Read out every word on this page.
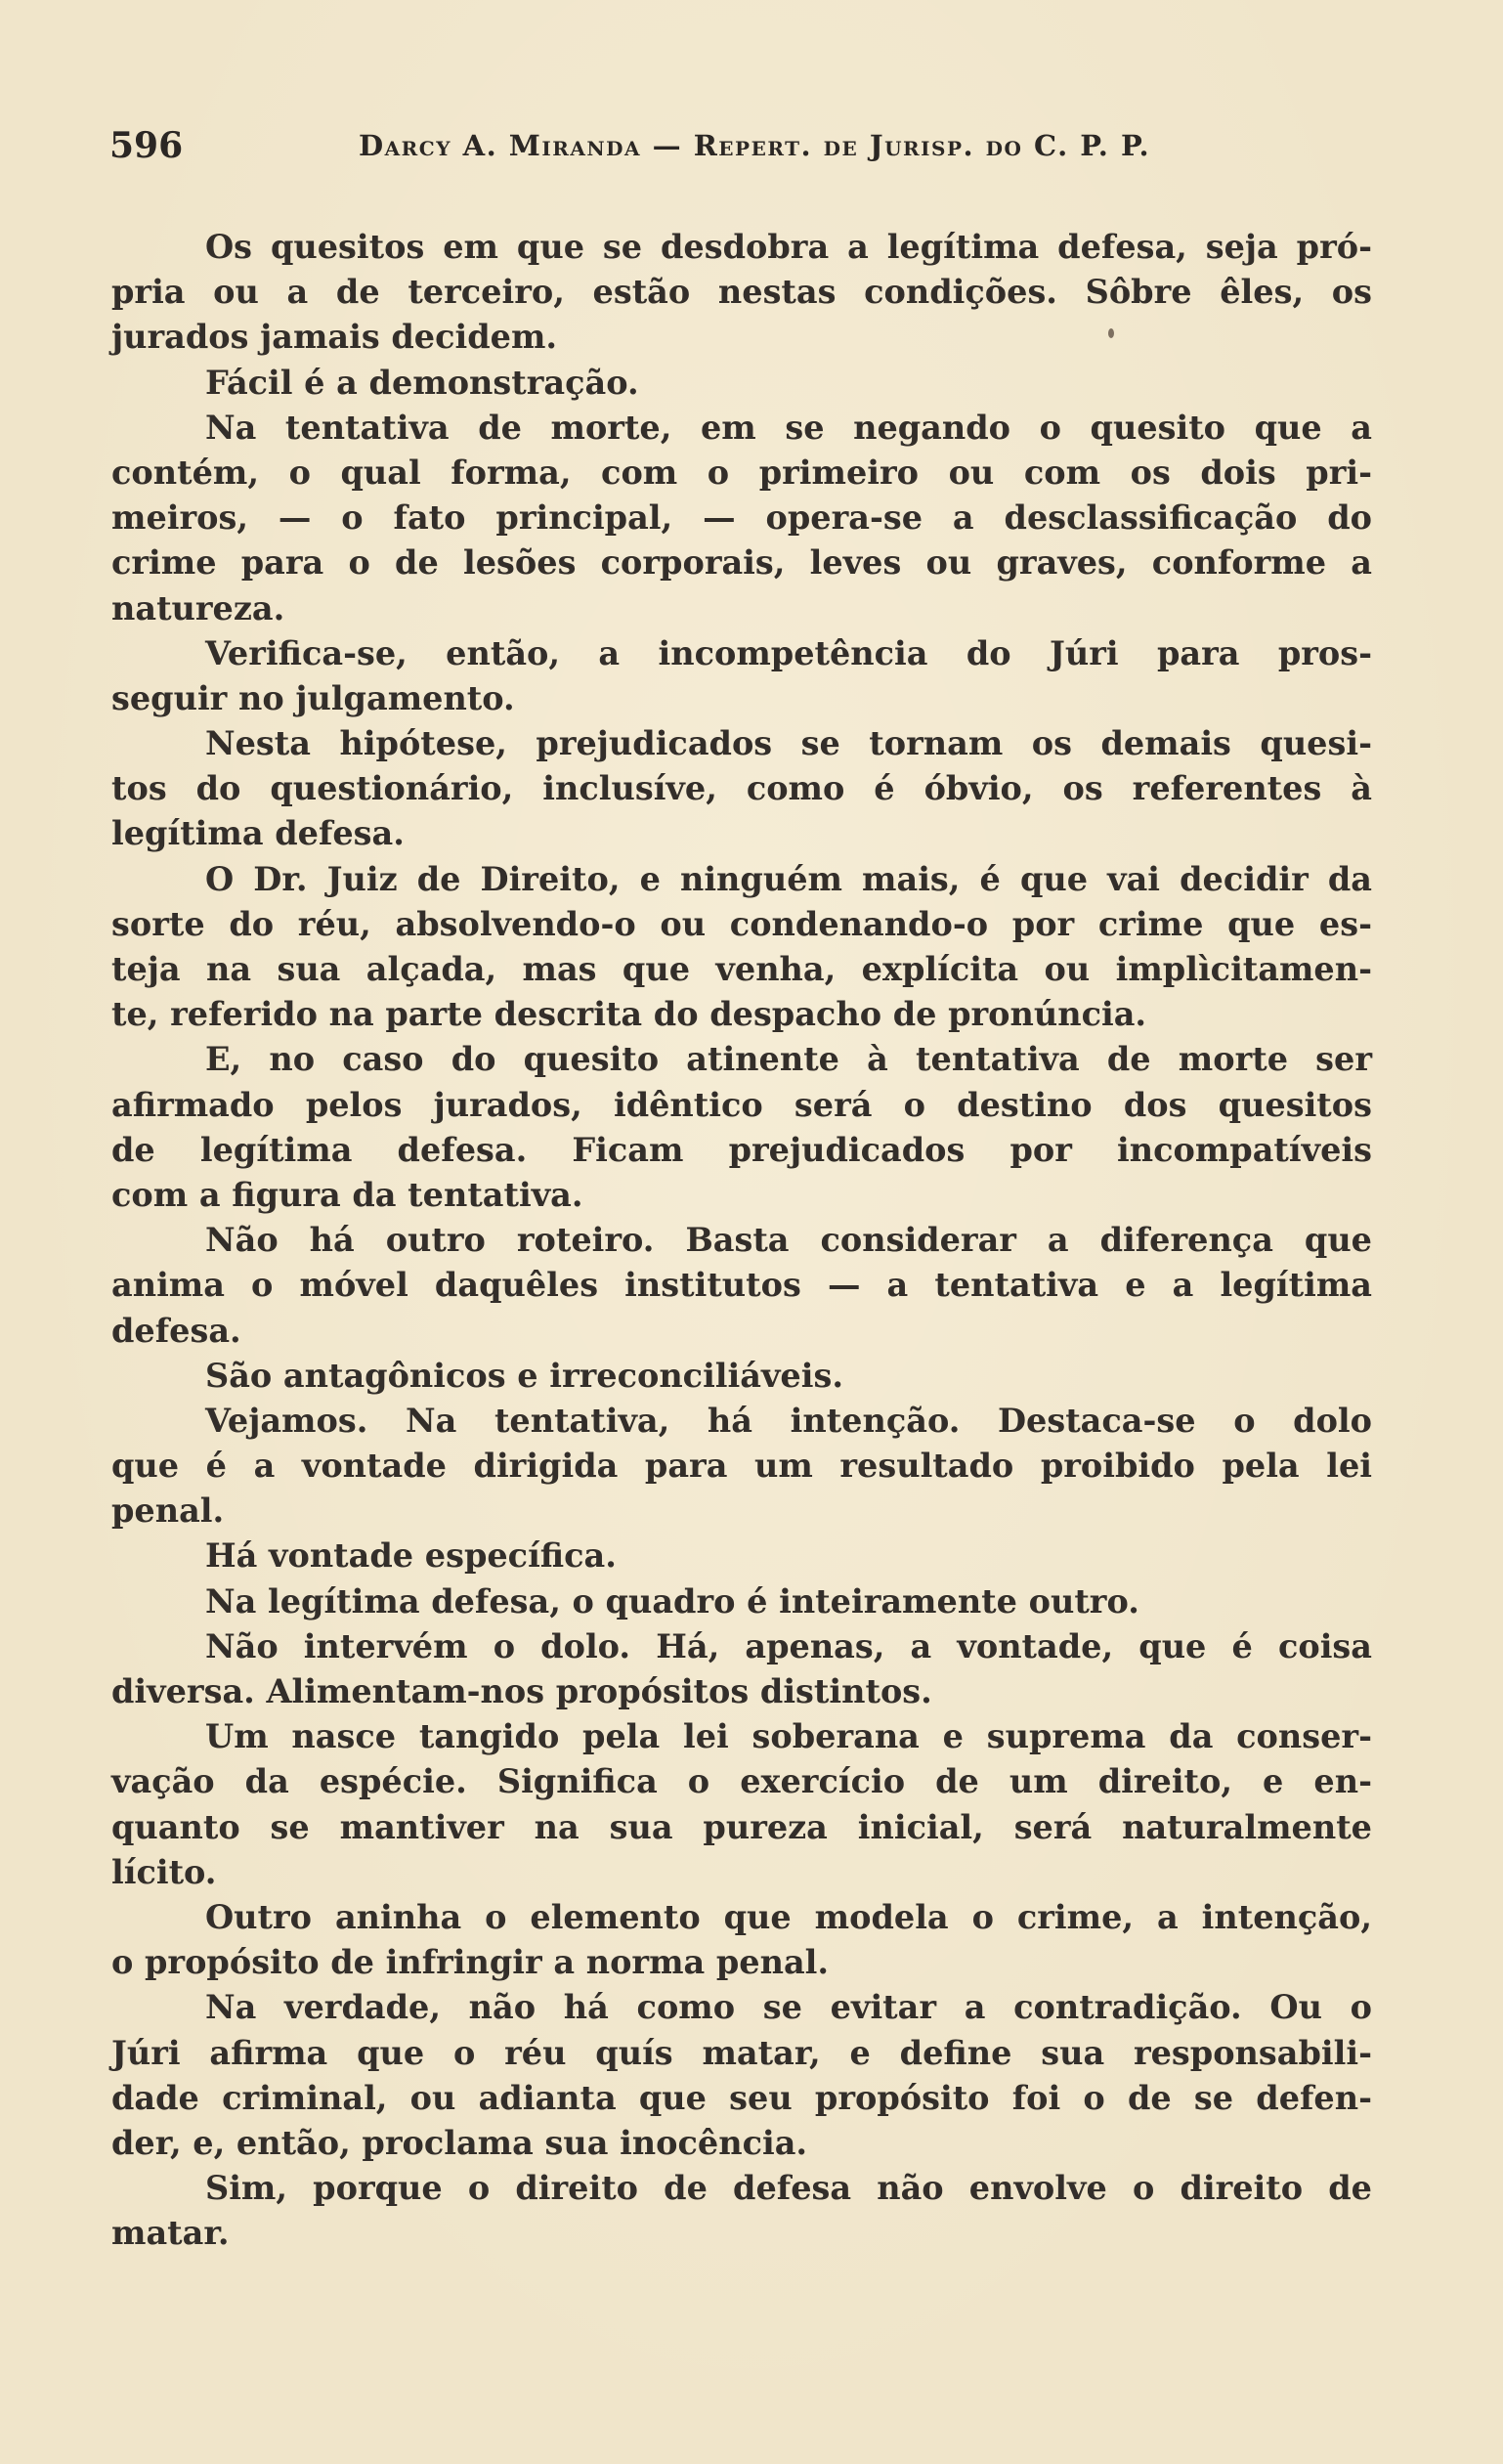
596	Darcy A. Miranda — Repert. de Jurisp. do C. P. P.

Os quesitos em que se desdobra a legítima defesa, seja pró-
pria ou a de terceiro, estão nestas condições. Sôbre êles, os
jurados jamais decidem.

Fácil é a demonstração.

Na tentativa de morte, em se negando o quesito que a
contém, o qual forma, com o primeiro ou com os dois pri-
meiros, — o fato principal, — opera-se a desclassificação do
crime para o de lesões corporais, leves ou graves, conforme a
natureza.

Verifica-se, então, a incompetência do Júri para pros-
seguir no julgamento.

Nesta hipótese, prejudicados se tornam os demais quesi-
tos do questionário, inclusíve, como é óbvio, os referentes à
legítima defesa.

O Dr. Juiz de Direito, e ninguém mais, é que vai decidir da
sorte do réu, absolvendo-o ou condenando-o por crime que es-
teja na sua alçada, mas que venha, explícita ou implìcitamen-
te, referido na parte descrita do despacho de pronúncia.

E, no caso do quesito atinente à tentativa de morte ser
afirmado pelos jurados, idêntico será o destino dos quesitos
de legítima defesa. Ficam prejudicados por incompatíveis
com a figura da tentativa.

Não há outro roteiro. Basta considerar a diferença que
anima o móvel daquêles institutos — a tentativa e a legítima
defesa.

São antagônicos e irreconciliáveis.

Vejamos. Na tentativa, há intenção. Destaca-se o dolo
que é a vontade dirigida para um resultado proibido pela lei
penal.

Há vontade específica.

Na legítima defesa, o quadro é inteiramente outro.

Não intervém o dolo. Há, apenas, a vontade, que é coisa
diversa. Alimentam-nos propósitos distintos.

Um nasce tangido pela lei soberana e suprema da conser-
vação da espécie. Significa o exercício de um direito, e en-
quanto se mantiver na sua pureza inicial, será naturalmente
lícito.

Outro aninha o elemento que modela o crime, a intenção,
o propósito de infringir a norma penal.

Na verdade, não há como se evitar a contradição. Ou o
Júri afirma que o réu quís matar, e define sua responsabili-
dade criminal, ou adianta que seu propósito foi o de se defen-
der, e, então, proclama sua inocência.

Sim, porque o direito de defesa não envolve o direito de
matar.
